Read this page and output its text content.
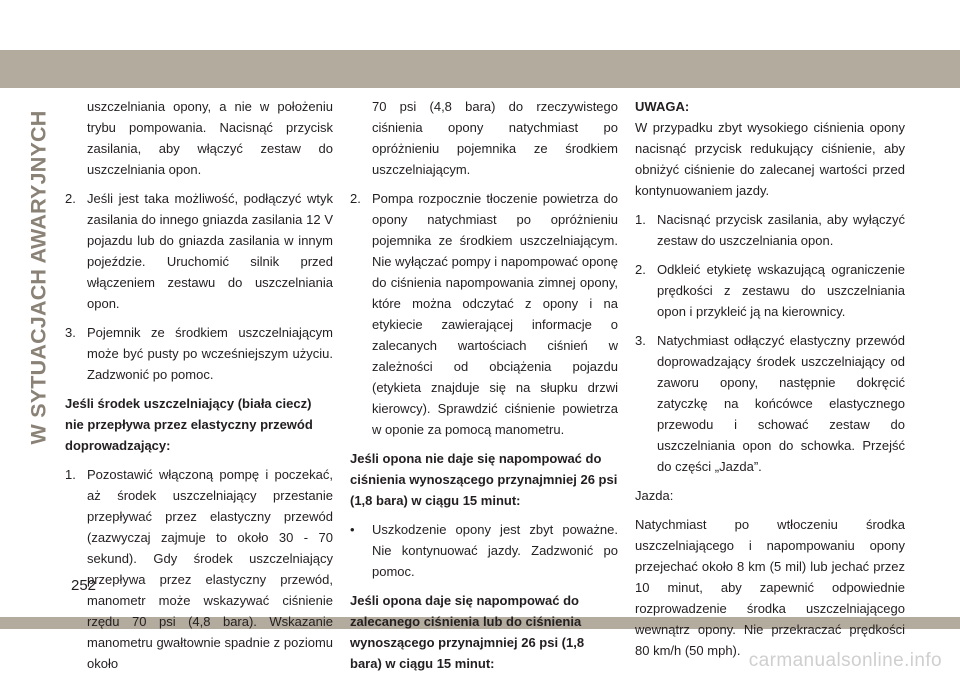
W SYTUACJACH AWARYJNYCH

uszczelniania opony, a nie w położeniu trybu pompowania. Nacisnąć przycisk zasilania, aby włączyć zestaw do uszczelniania opon.

2. Jeśli jest taka możliwość, podłączyć wtyk zasilania do innego gniazda zasilania 12 V pojazdu lub do gniazda zasilania w innym pojeździe. Uruchomić silnik przed włączeniem zestawu do uszczelniania opon.
3. Pojemnik ze środkiem uszczelniającym może być pusty po wcześniejszym użyciu. Zadzwonić po pomoc.

Jeśli środek uszczelniający (biała ciecz) nie przepływa przez elastyczny przewód doprowadzający:

1. Pozostawić włączoną pompę i poczekać, aż środek uszczelniający przestanie przepływać przez elastyczny przewód (zazwyczaj zajmuje to około 30 - 70 sekund). Gdy środek uszczelniający przepływa przez elastyczny przewód, manometr może wskazywać ciśnienie rzędu 70 psi (4,8 bara). Wskazanie manometru gwałtownie spadnie z poziomu około

70 psi (4,8 bara) do rzeczywistego ciśnienia opony natychmiast po opróżnieniu pojemnika ze środkiem uszczelniającym.

2. Pompa rozpocznie tłoczenie powietrza do opony natychmiast po opróżnieniu pojemnika ze środkiem uszczelniającym. Nie wyłączać pompy i napompować oponę do ciśnienia napompowania zimnej opony, które można odczytać z opony i na etykiecie zawierającej informacje o zalecanych wartościach ciśnień w zależności od obciążenia pojazdu (etykieta znajduje się na słupku drzwi kierowcy). Sprawdzić ciśnienie powietrza w oponie za pomocą manometru.

Jeśli opona nie daje się napompować do ciśnienia wynoszącego przynajmniej 26 psi (1,8 bara) w ciągu 15 minut:

•	Uszkodzenie opony jest zbyt poważne. Nie kontynuować jazdy. Zadzwonić po pomoc.

Jeśli opona daje się napompować do zalecanego ciśnienia lub do ciśnienia wynoszącego przynajmniej 26 psi (1,8 bara) w ciągu 15 minut:

UWAGA:

W przypadku zbyt wysokiego ciśnienia opony nacisnąć przycisk redukujący ciśnienie, aby obniżyć ciśnienie do zalecanej wartości przed kontynuowaniem jazdy.

1. Nacisnąć przycisk zasilania, aby wyłączyć zestaw do uszczelniania opon.
2. Odkleić etykietę wskazującą ograniczenie prędkości z zestawu do uszczelniania opon i przykleić ją na kierownicy.
3. Natychmiast odłączyć elastyczny przewód doprowadzający środek uszczelniający od zaworu opony, następnie dokręcić zatyczkę na końcówce elastycznego przewodu i schować zestaw do uszczelniania opon do schowka. Przejść do części „Jazda”.

Jazda:

Natychmiast po wtłoczeniu środka uszczelniającego i napompowaniu opony przejechać około 8 km (5 mil) lub jechać przez 10 minut, aby zapewnić odpowiednie rozprowadzenie środka uszczelniającego wewnątrz opony. Nie przekraczać prędkości 80 km/h (50 mph).

252
carmanualsonline.info
